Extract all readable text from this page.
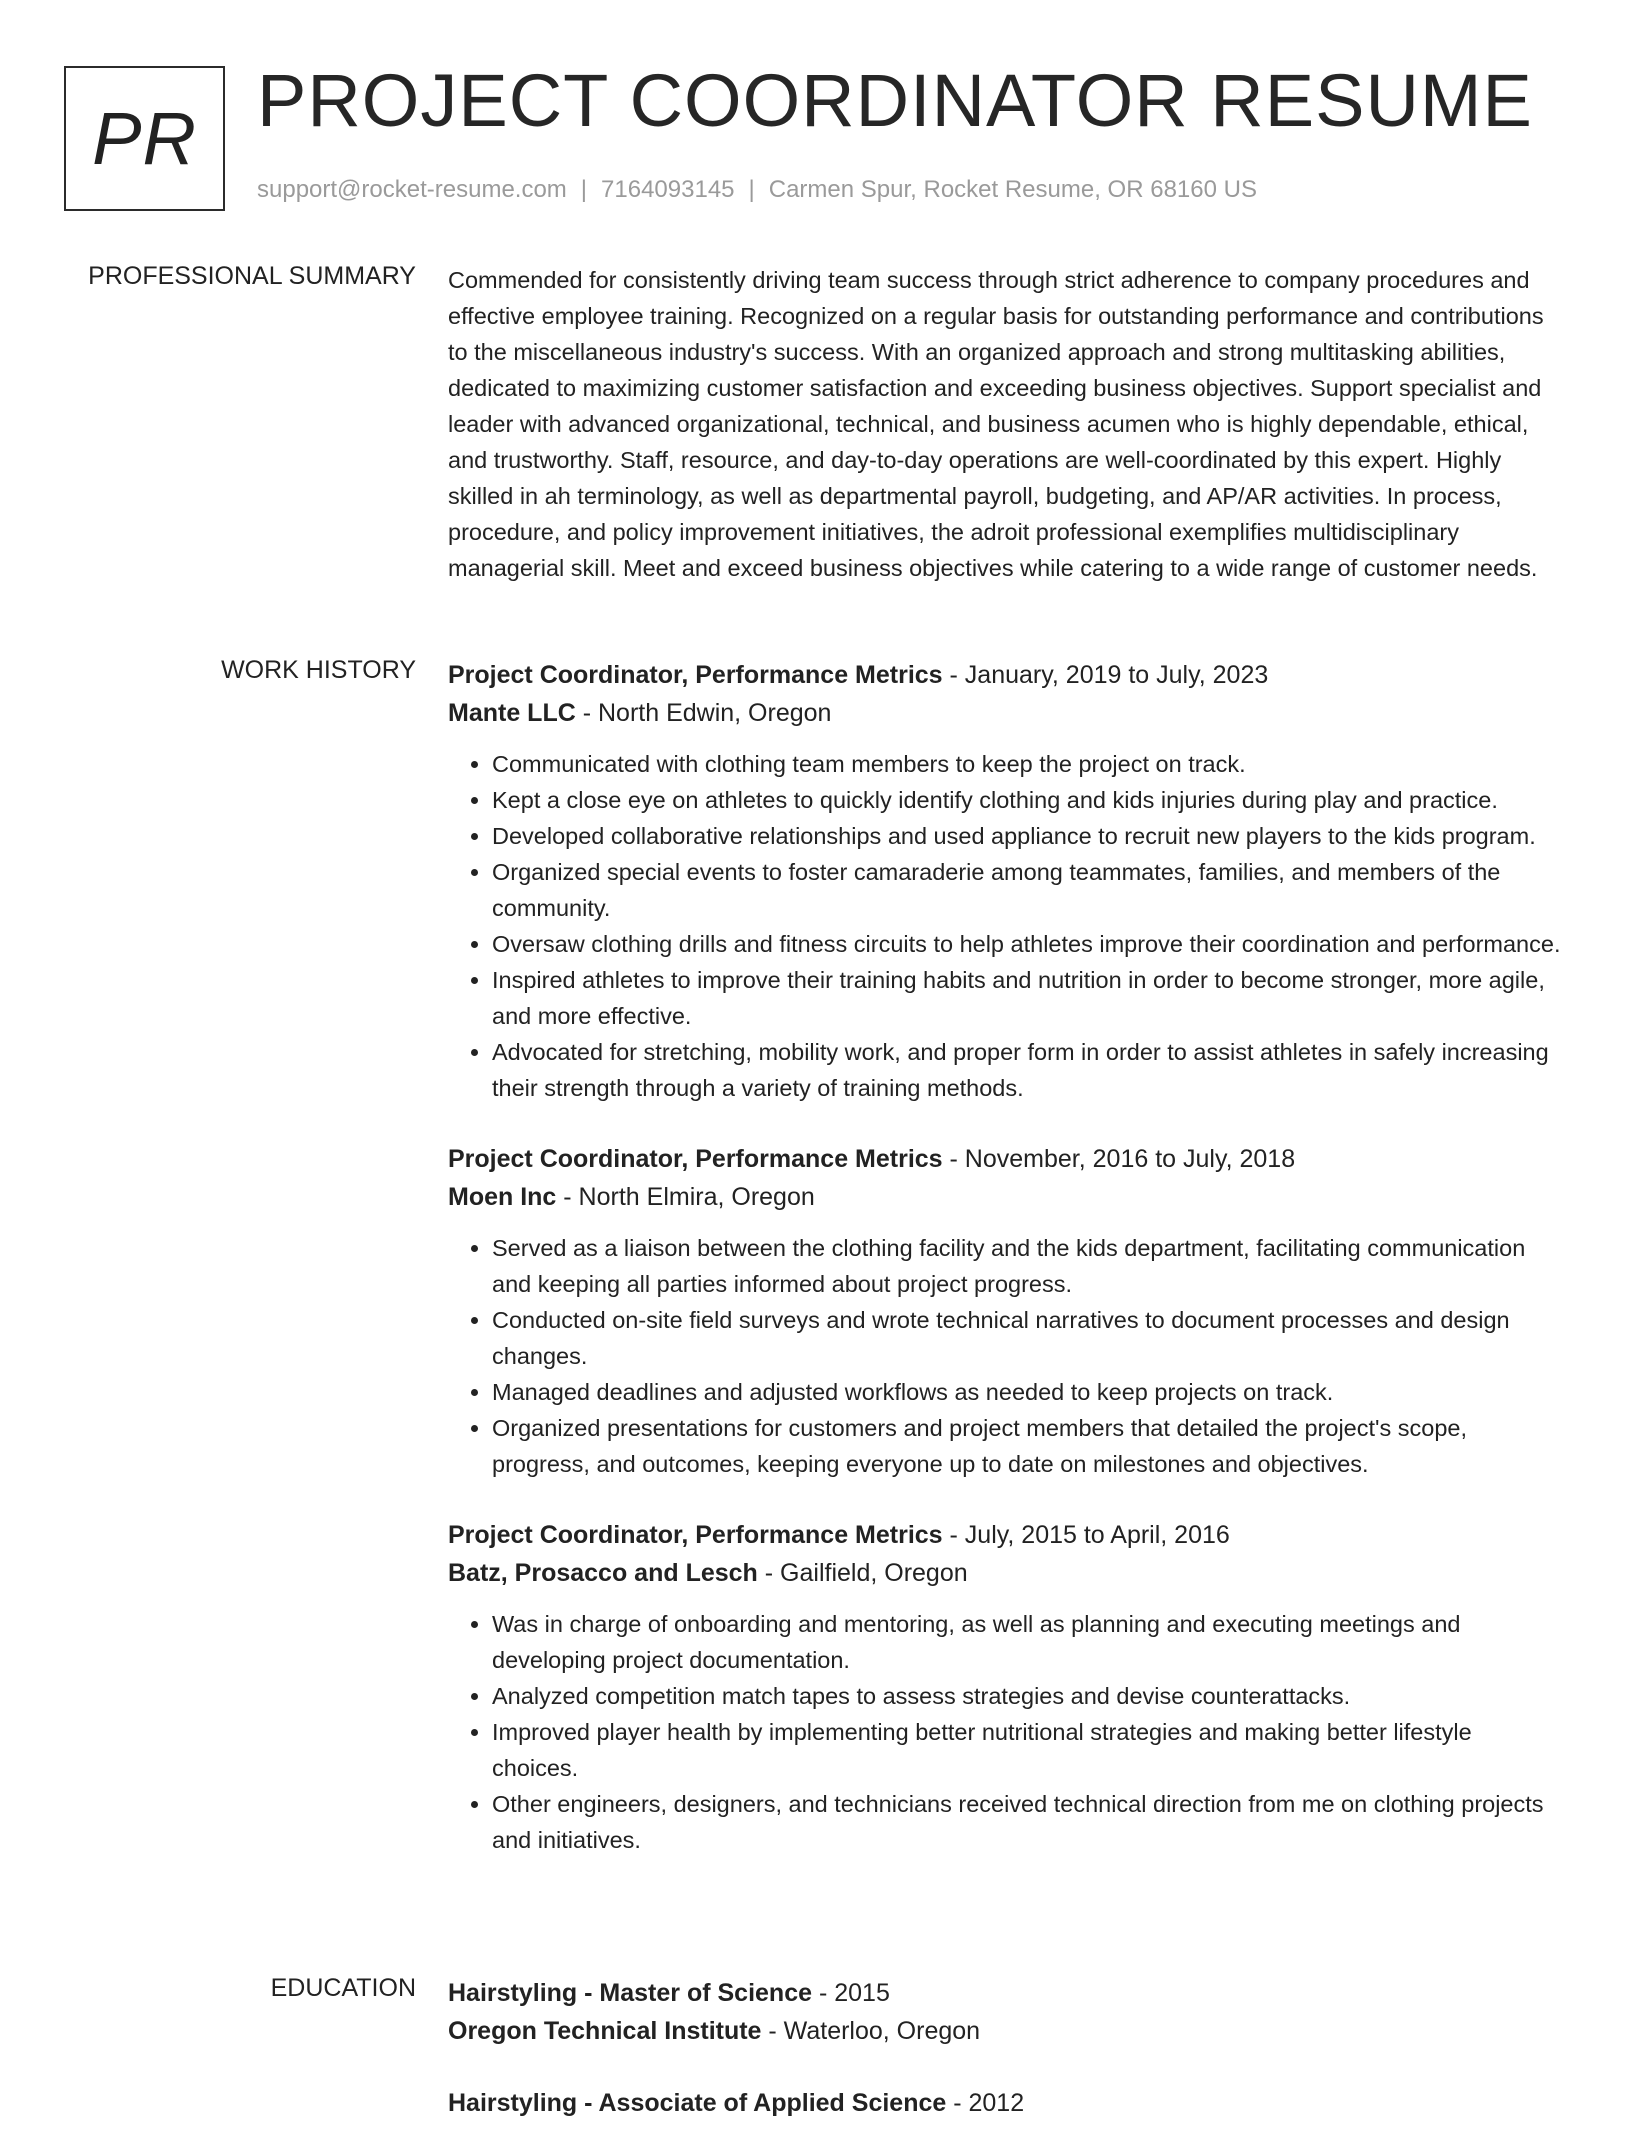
PR PROJECT COORDINATOR RESUME
support@rocket-resume.com | 7164093145 | Carmen Spur, Rocket Resume, OR 68160 US
PROFESSIONAL SUMMARY Commended for consistently driving team success through strict adherence to company procedures and effective employee training. Recognized on a regular basis for outstanding performance and contributions to the miscellaneous industry's success. With an organized approach and strong multitasking abilities, dedicated to maximizing customer satisfaction and exceeding business objectives. Support specialist and leader with advanced organizational, technical, and business acumen who is highly dependable, ethical, and trustworthy. Staff, resource, and day-to-day operations are well-coordinated by this expert. Highly skilled in ah terminology, as well as departmental payroll, budgeting, and AP/AR activities. In process, procedure, and policy improvement initiatives, the adroit professional exemplifies multidisciplinary managerial skill. Meet and exceed business objectives while catering to a wide range of customer needs.

WORK HISTORY Project Coordinator, Performance Metrics - January, 2019 to July, 2023
Mante LLC - North Edwin, Oregon
• Communicated with clothing team members to keep the project on track.
• Kept a close eye on athletes to quickly identify clothing and kids injuries during play and practice.
• Developed collaborative relationships and used appliance to recruit new players to the kids program.
• Organized special events to foster camaraderie among teammates, families, and members of the community.
• Oversaw clothing drills and fitness circuits to help athletes improve their coordination and performance.
• Inspired athletes to improve their training habits and nutrition in order to become stronger, more agile, and more effective.
• Advocated for stretching, mobility work, and proper form in order to assist athletes in safely increasing their strength through a variety of training methods.
Project Coordinator, Performance Metrics - November, 2016 to July, 2018
Moen Inc - North Elmira, Oregon
• Served as a liaison between the clothing facility and the kids department, facilitating communication and keeping all parties informed about project progress.
• Conducted on-site field surveys and wrote technical narratives to document processes and design changes.
• Managed deadlines and adjusted workflows as needed to keep projects on track.
• Organized presentations for customers and project members that detailed the project's scope, progress, and outcomes, keeping everyone up to date on milestones and objectives.
Project Coordinator, Performance Metrics - July, 2015 to April, 2016
Batz, Prosacco and Lesch - Gailfield, Oregon
• Was in charge of onboarding and mentoring, as well as planning and executing meetings and developing project documentation.
• Analyzed competition match tapes to assess strategies and devise counterattacks.
• Improved player health by implementing better nutritional strategies and making better lifestyle choices.
• Other engineers, designers, and technicians received technical direction from me on clothing projects and initiatives.
EDUCATION Hairstyling - Master of Science - 2015
Oregon Technical Institute - Waterloo, Oregon
Hairstyling - Associate of Applied Science - 2012
